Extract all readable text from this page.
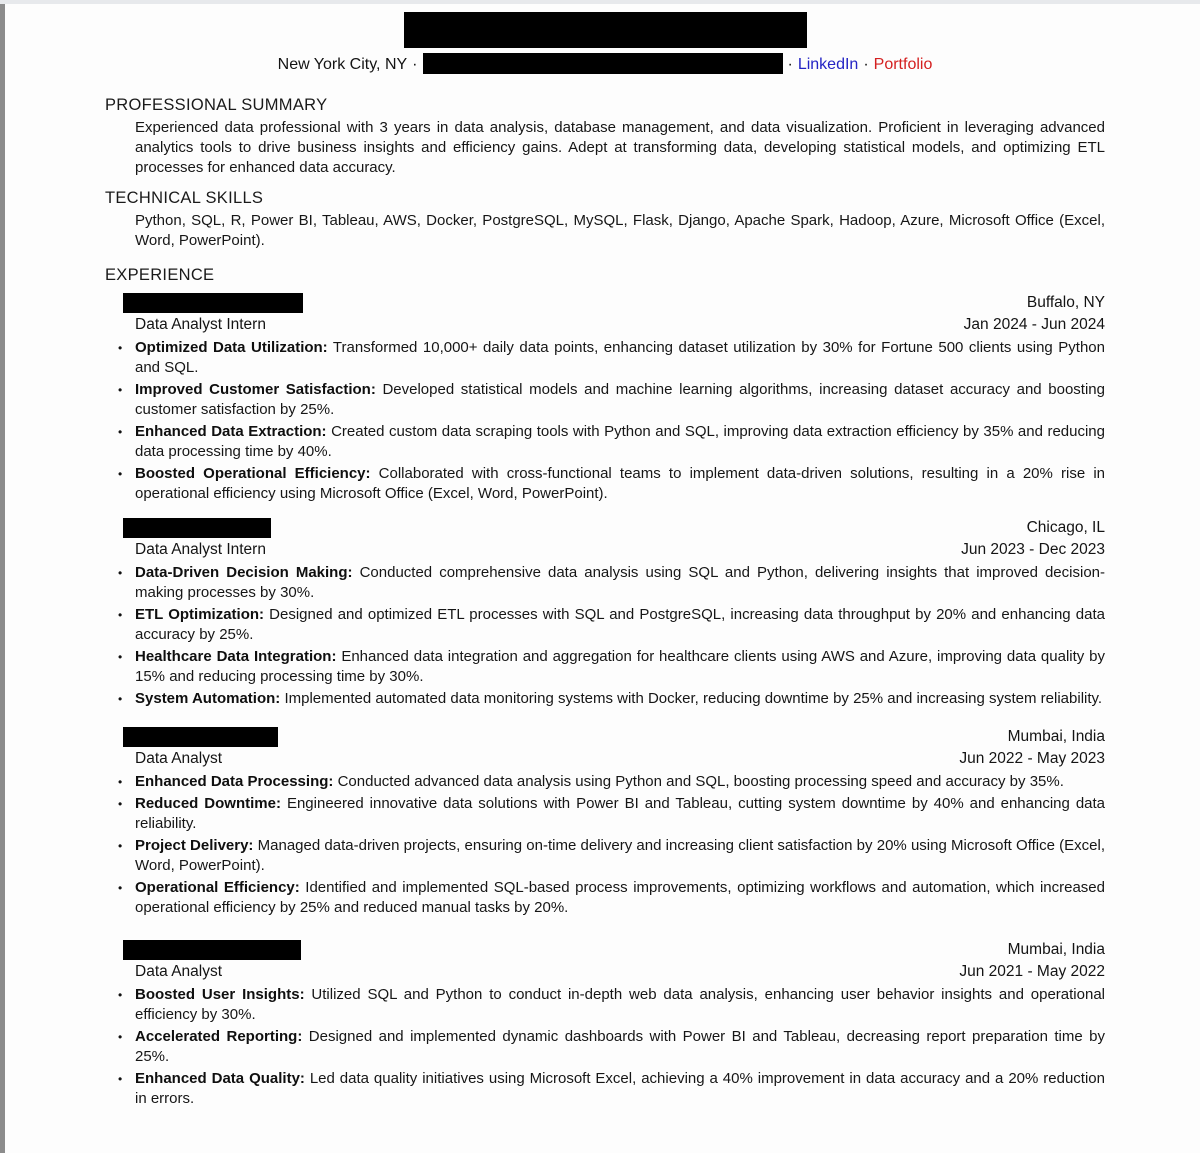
New York City, NY ·	· LinkedIn · Portfolio
PROFESSIONAL SUMMARY
Experienced data professional with 3 years in data analysis, database management, and data visualization. Proficient in leveraging advanced analytics tools to drive business insights and efficiency gains. Adept at transforming data, developing statistical models, and optimizing ETL processes for enhanced data accuracy.
TECHNICAL SKILLS
Python, SQL, R, Power BI, Tableau, AWS, Docker, PostgreSQL, MySQL, Flask, Django, Apache Spark, Hadoop, Azure, Microsoft Office (Excel, Word, PowerPoint).
EXPERIENCE
Buffalo, NY
Data Analyst Intern	Jan 2024 - Jun 2024
• Optimized Data Utilization: Transformed 10,000+ daily data points, enhancing dataset utilization by 30% for Fortune 500 clients using Python and SQL.
• Improved Customer Satisfaction: Developed statistical models and machine learning algorithms, increasing dataset accuracy and boosting customer satisfaction by 25%.
• Enhanced Data Extraction: Created custom data scraping tools with Python and SQL, improving data extraction efficiency by 35% and reducing data processing time by 40%.
• Boosted Operational Efficiency: Collaborated with cross-functional teams to implement data-driven solutions, resulting in a 20% rise in operational efficiency using Microsoft Office (Excel, Word, PowerPoint).
Chicago, IL
Data Analyst Intern	Jun 2023 - Dec 2023
• Data-Driven Decision Making: Conducted comprehensive data analysis using SQL and Python, delivering insights that improved decision-making processes by 30%.
• ETL Optimization: Designed and optimized ETL processes with SQL and PostgreSQL, increasing data throughput by 20% and enhancing data accuracy by 25%.
• Healthcare Data Integration: Enhanced data integration and aggregation for healthcare clients using AWS and Azure, improving data quality by 15% and reducing processing time by 30%.
• System Automation: Implemented automated data monitoring systems with Docker, reducing downtime by 25% and increasing system reliability.
Mumbai, India
Data Analyst	Jun 2022 - May 2023
• Enhanced Data Processing: Conducted advanced data analysis using Python and SQL, boosting processing speed and accuracy by 35%.
• Reduced Downtime: Engineered innovative data solutions with Power BI and Tableau, cutting system downtime by 40% and enhancing data reliability.
• Project Delivery: Managed data-driven projects, ensuring on-time delivery and increasing client satisfaction by 20% using Microsoft Office (Excel, Word, PowerPoint).
• Operational Efficiency: Identified and implemented SQL-based process improvements, optimizing workflows and automation, which increased operational efficiency by 25% and reduced manual tasks by 20%.
Mumbai, India
Data Analyst	Jun 2021 - May 2022
• Boosted User Insights: Utilized SQL and Python to conduct in-depth web data analysis, enhancing user behavior insights and operational efficiency by 30%.
• Accelerated Reporting: Designed and implemented dynamic dashboards with Power BI and Tableau, decreasing report preparation time by 25%.
• Enhanced Data Quality: Led data quality initiatives using Microsoft Excel, achieving a 40% improvement in data accuracy and a 20% reduction in errors.
